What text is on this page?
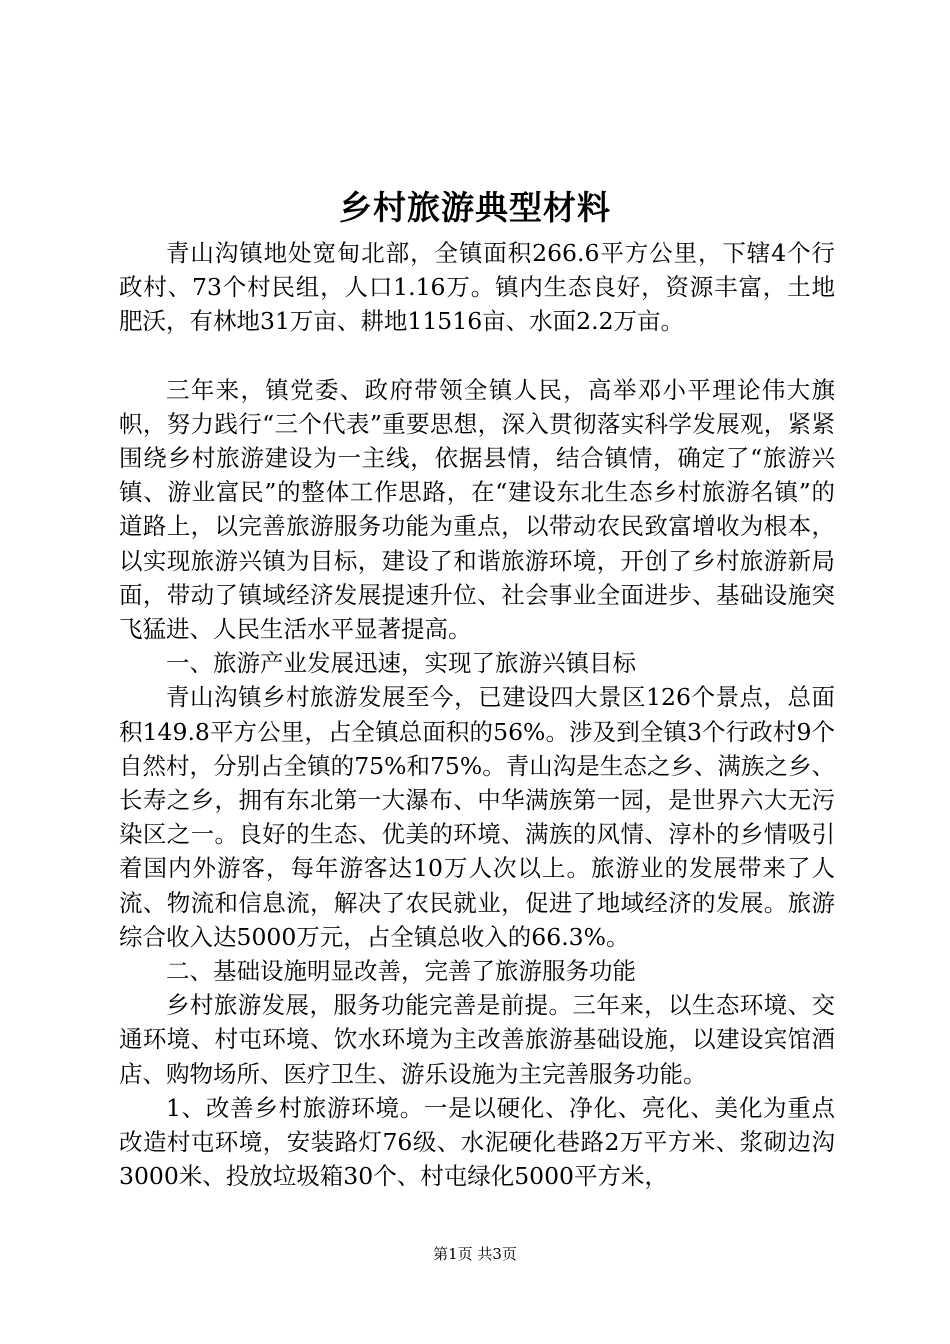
乡村旅游典型材料

青山沟镇地处宽甸北部，全镇面积266.6平方公里，下辖4个行政村、73个村民组，人口1.16万。镇内生态良好，资源丰富，土地肥沃，有林地31万亩、耕地11516亩、水面2.2万亩。

三年来，镇党委、政府带领全镇人民，高举邓小平理论伟大旗帜，努力践行“三个代表”重要思想，深入贯彻落实科学发展观，紧紧围绕乡村旅游建设为一主线，依据县情，结合镇情，确定了“旅游兴镇、游业富民”的整体工作思路，在“建设东北生态乡村旅游名镇”的道路上，以完善旅游服务功能为重点，以带动农民致富增收为根本，以实现旅游兴镇为目标，建设了和谐旅游环境，开创了乡村旅游新局面，带动了镇域经济发展提速升位、社会事业全面进步、基础设施突飞猛进、人民生活水平显著提高。

一、旅游产业发展迅速，实现了旅游兴镇目标

青山沟镇乡村旅游发展至今，已建设四大景区126个景点，总面积149.8平方公里，占全镇总面积的56%。涉及到全镇3个行政村9个自然村，分别占全镇的75%和75%。青山沟是生态之乡、满族之乡、长寿之乡，拥有东北第一大瀑布、中华满族第一园，是世界六大无污染区之一。良好的生态、优美的环境、满族的风情、淳朴的乡情吸引着国内外游客，每年游客达10万人次以上。旅游业的发展带来了人流、物流和信息流，解决了农民就业，促进了地域经济的发展。旅游综合收入达5000万元，占全镇总收入的66.3%。

二、基础设施明显改善，完善了旅游服务功能

乡村旅游发展，服务功能完善是前提。三年来，以生态环境、交通环境、村屯环境、饮水环境为主改善旅游基础设施，以建设宾馆酒店、购物场所、医疗卫生、游乐设施为主完善服务功能。

1、改善乡村旅游环境。一是以硬化、净化、亮化、美化为重点改造村屯环境，安装路灯76级、水泥硬化巷路2万平方米、浆砌边沟3000米、投放垃圾箱30个、村屯绿化5000平方米，

第1页 共3页
